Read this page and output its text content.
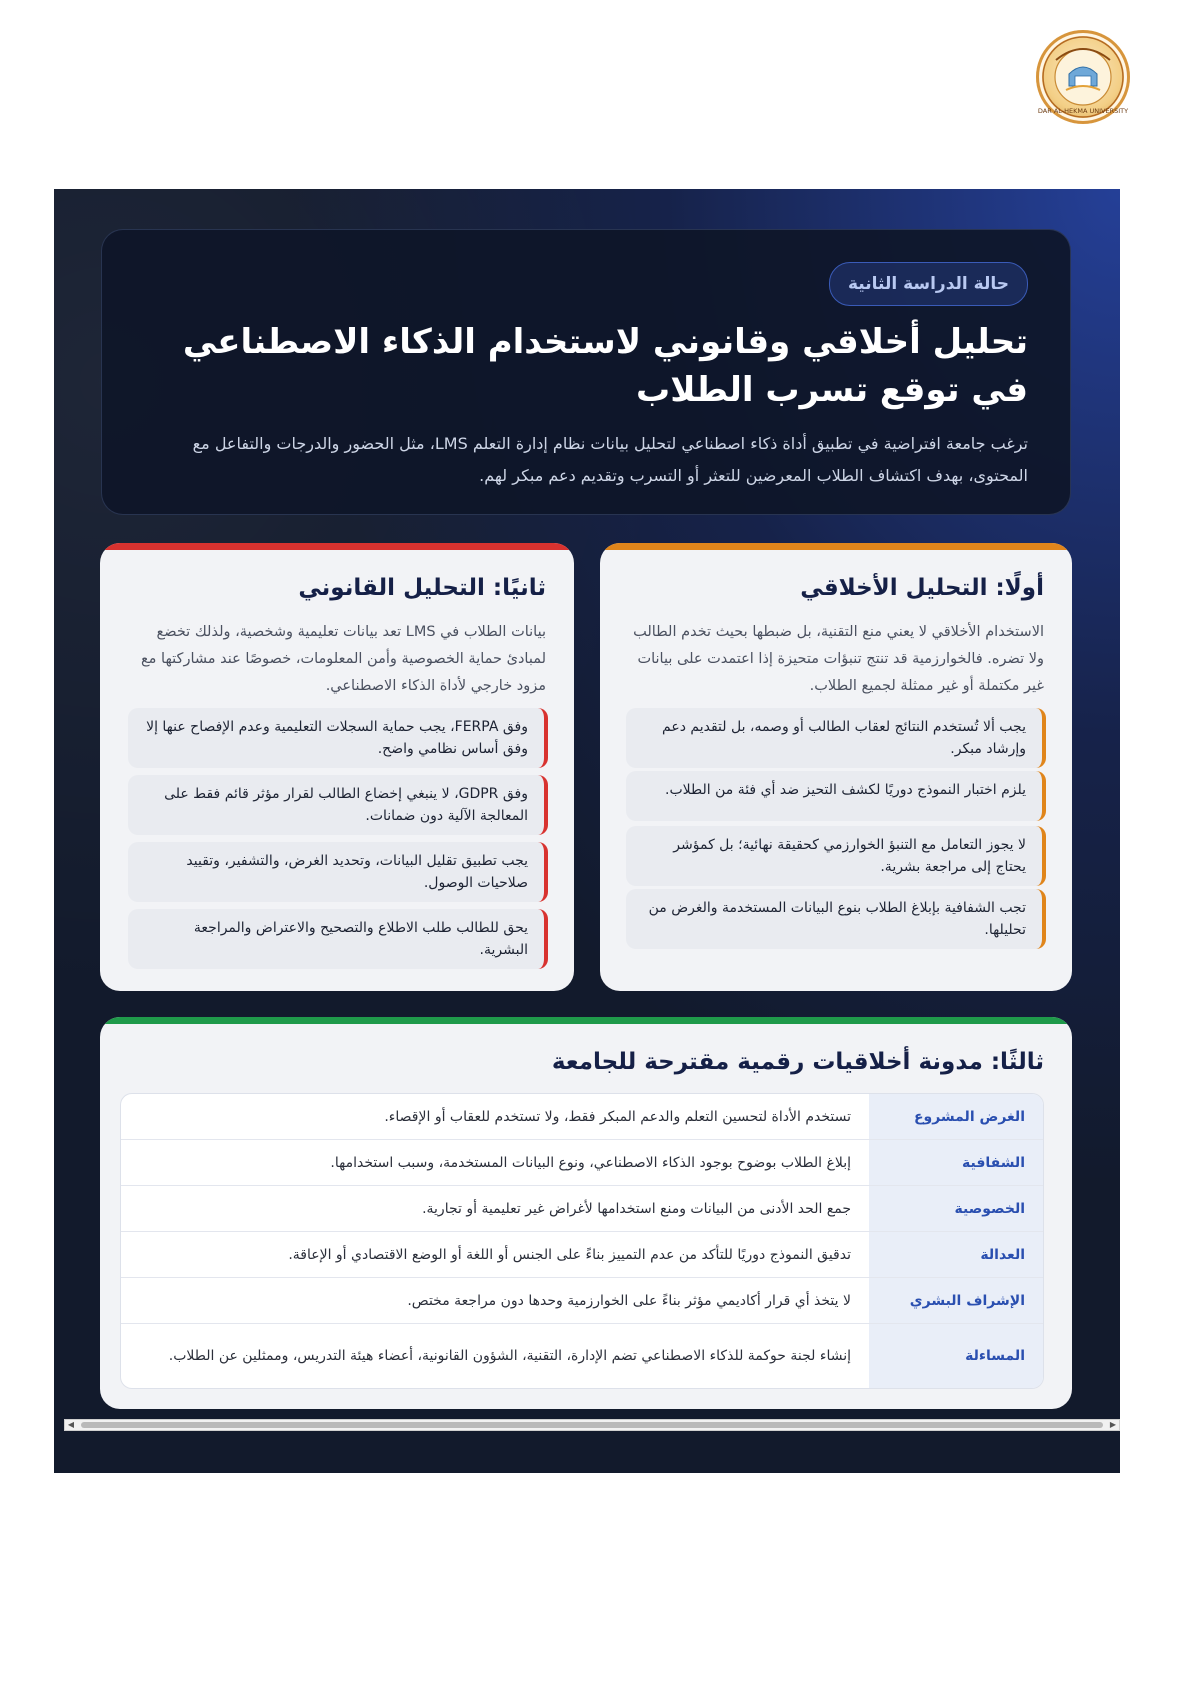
DAR AL-HEKMA UNIVERSITY
حالة الدراسة الثانية
تحليل أخلاقي وقانوني لاستخدام الذكاء الاصطناعي في توقع تسرب الطلاب

ترغب جامعة افتراضية في تطبيق أداة ذكاء اصطناعي لتحليل بيانات نظام إدارة التعلم LMS، مثل الحضور والدرجات والتفاعل مع المحتوى، بهدف اكتشاف الطلاب المعرضين للتعثر أو التسرب وتقديم دعم مبكر لهم.

أولًا: التحليل الأخلاقي

الاستخدام الأخلاقي لا يعني منع التقنية، بل ضبطها بحيث تخدم الطالب ولا تضره. فالخوارزمية قد تنتج تنبؤات متحيزة إذا اعتمدت على بيانات غير مكتملة أو غير ممثلة لجميع الطلاب.

يجب ألا تُستخدم النتائج لعقاب الطالب أو وصمه، بل لتقديم دعم وإرشاد مبكر.
يلزم اختبار النموذج دوريًا لكشف التحيز ضد أي فئة من الطلاب.
لا يجوز التعامل مع التنبؤ الخوارزمي كحقيقة نهائية؛ بل كمؤشر يحتاج إلى مراجعة بشرية.
تجب الشفافية بإبلاغ الطلاب بنوع البيانات المستخدمة والغرض من تحليلها.
ثانيًا: التحليل القانوني

بيانات الطلاب في LMS تعد بيانات تعليمية وشخصية، ولذلك تخضع لمبادئ حماية الخصوصية وأمن المعلومات، خصوصًا عند مشاركتها مع مزود خارجي لأداة الذكاء الاصطناعي.

وفق FERPA، يجب حماية السجلات التعليمية وعدم الإفصاح عنها إلا وفق أساس نظامي واضح.
وفق GDPR، لا ينبغي إخضاع الطالب لقرار مؤثر قائم فقط على المعالجة الآلية دون ضمانات.
يجب تطبيق تقليل البيانات، وتحديد الغرض، والتشفير، وتقييد صلاحيات الوصول.
يحق للطالب طلب الاطلاع والتصحيح والاعتراض والمراجعة البشرية.
ثالثًا: مدونة أخلاقيات رقمية مقترحة للجامعة
الغرض المشروع
تستخدم الأداة لتحسين التعلم والدعم المبكر فقط، ولا تستخدم للعقاب أو الإقصاء.
الشفافية
إبلاغ الطلاب بوضوح بوجود الذكاء الاصطناعي، ونوع البيانات المستخدمة، وسبب استخدامها.
الخصوصية
جمع الحد الأدنى من البيانات ومنع استخدامها لأغراض غير تعليمية أو تجارية.
العدالة
تدقيق النموذج دوريًا للتأكد من عدم التمييز بناءً على الجنس أو اللغة أو الوضع الاقتصادي أو الإعاقة.
الإشراف البشري
لا يتخذ أي قرار أكاديمي مؤثر بناءً على الخوارزمية وحدها دون مراجعة مختص.
المساءلة
إنشاء لجنة حوكمة للذكاء الاصطناعي تضم الإدارة، التقنية، الشؤون القانونية، أعضاء هيئة التدريس، وممثلين عن الطلاب.
◀	▶
